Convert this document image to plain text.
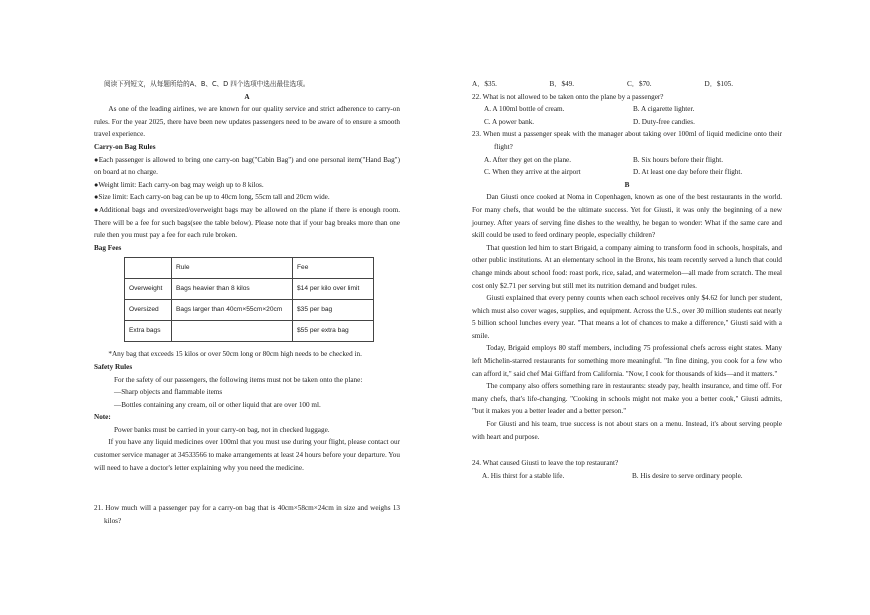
阅读下列短文，从每题所给的A、B、C、D 四个选项中选出最佳选项。

A

As one of the leading airlines, we are known for our quality service and strict adherence to carry-on rules. For the year 2025, there have been new updates passengers need to be aware of to ensure a smooth travel experience.

Carry-on Bag Rules

●Each passenger is allowed to bring one carry-on bag("Cabin Bag") and one personal item("Hand Bag") on board at no charge.

●Weight limit: Each carry-on bag may weigh up to 8 kilos.

●Size limit: Each carry-on bag can be up to 40cm long, 55cm tall and 20cm wide.

●Additional bags and oversized/overweight bags may be allowed on the plane if there is enough room. There will be a fee for such bags(see the table below). Please note that if your bag breaks more than one rule then you must pay a fee for each rule broken.

Bag Fees

	Rule	Fee
Overweight	Bags heavier than 8 kilos	$14 per kilo over limit
Oversized	Bags larger than 40cm×55cm×20cm	$35 per bag
Extra bags		$55 per extra bag

*Any bag that exceeds 15 kilos or over 50cm long or 80cm high needs to be checked in.

Safety Rules

For the safety of our passengers, the following items must not be taken onto the plane:

—Sharp objects and flammable items

—Bottles containing any cream, oil or other liquid that are over 100 ml.

Note:

Power banks must be carried in your carry-on bag, not in checked luggage.

If you have any liquid medicines over 100ml that you must use during your flight, please contact our customer service manager at 34533566 to make arrangements at least 24 hours before your departure. You will need to have a doctor's letter explaining why you need the medicine.

21. How much will a passenger pay for a carry-on bag that is 40cm×58cm×24cm in size and weighs 13 kilos?

A．$35.	B．$49.	C．$70.	D．$105.

22. What is not allowed to be taken onto the plane by a passenger?

A. A 100ml bottle of cream.	B. A cigarette lighter.
C. A power bank.	D. Duty-free candies.

23. When must a passenger speak with the manager about taking over 100ml of liquid medicine onto their flight?

A. After they get on the plane.	B. Six hours before their flight.
C. When they arrive at the airport	D. At least one day before their flight.

B

Dan Giusti once cooked at Noma in Copenhagen, known as one of the best restaurants in the world. For many chefs, that would be the ultimate success. Yet for Giusti, it was only the beginning of a new journey. After years of serving fine dishes to the wealthy, he began to wonder: What if the same care and skill could be used to feed ordinary people, especially children?

That question led him to start Brigaid, a company aiming to transform food in schools, hospitals, and other public institutions. At an elementary school in the Bronx, his team recently served a lunch that could change minds about school food: roast pork, rice, salad, and watermelon—all made from scratch. The meal cost only $2.71 per serving but still met its nutrition demand and budget rules.

Giusti explained that every penny counts when each school receives only $4.62 for lunch per student, which must also cover wages, supplies, and equipment. Across the U.S., over 30 million students eat nearly 5 billion school lunches every year. "That means a lot of chances to make a difference," Giusti said with a smile.

Today, Brigaid employs 80 staff members, including 75 professional chefs across eight states. Many left Michelin-starred restaurants for something more meaningful. "In fine dining, you cook for a few who can afford it," said chef Mai Giffard from California. "Now, I cook for thousands of kids—and it matters."

The company also offers something rare in restaurants: steady pay, health insurance, and time off. For many chefs, that's life-changing. "Cooking in schools might not make you a better cook," Giusti admits, "but it makes you a better leader and a better person."

For Giusti and his team, true success is not about stars on a menu. Instead, it's about serving people with heart and purpose.

24. What caused Giusti to leave the top restaurant?

A. His thirst for a stable life.	B. His desire to serve ordinary people.
